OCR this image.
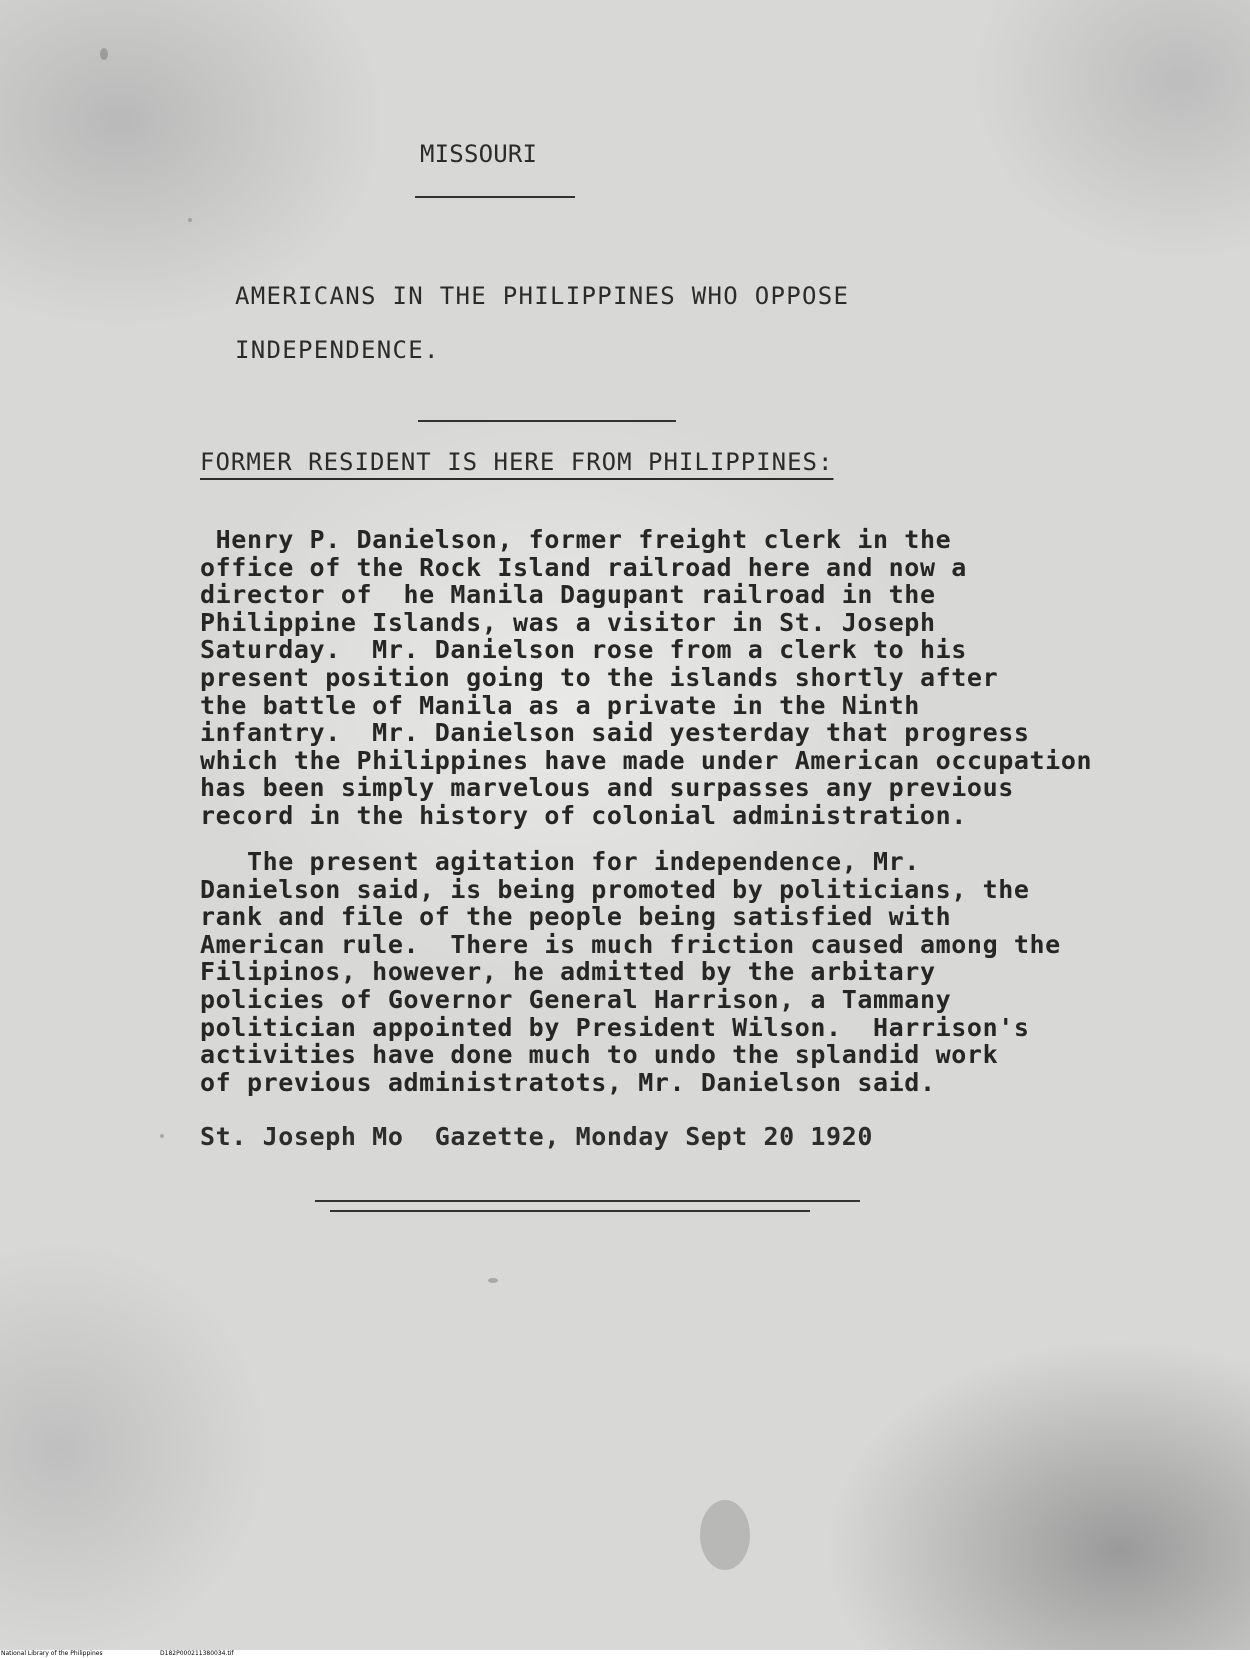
MISSOURI
AMERICANS IN THE PHILIPPINES WHO OPPOSE
INDEPENDENCE.
FORMER RESIDENT IS HERE FROM PHILIPPINES:
Henry P. Danielson, former freight clerk in the
office of the Rock Island railroad here and now a
director of  he Manila Dagupant railroad in the
Philippine Islands, was a visitor in St. Joseph
Saturday.  Mr. Danielson rose from a clerk to his
present position going to the islands shortly after
the battle of Manila as a private in the Ninth
infantry.  Mr. Danielson said yesterday that progress
which the Philippines have made under American occupation
has been simply marvelous and surpasses any previous
record in the history of colonial administration.
The present agitation for independence, Mr.
Danielson said, is being promoted by politicians, the
rank and file of the people being satisfied with
American rule.  There is much friction caused among the
Filipinos, however, he admitted by the arbitary
policies of Governor General Harrison, a Tammany
politician appointed by President Wilson.  Harrison's
activities have done much to undo the splandid work
of previous administratots, Mr. Danielson said.
St. Joseph Mo  Gazette, Monday Sept 20 1920
National Library of the Philippines	D182P000211380034.tif
